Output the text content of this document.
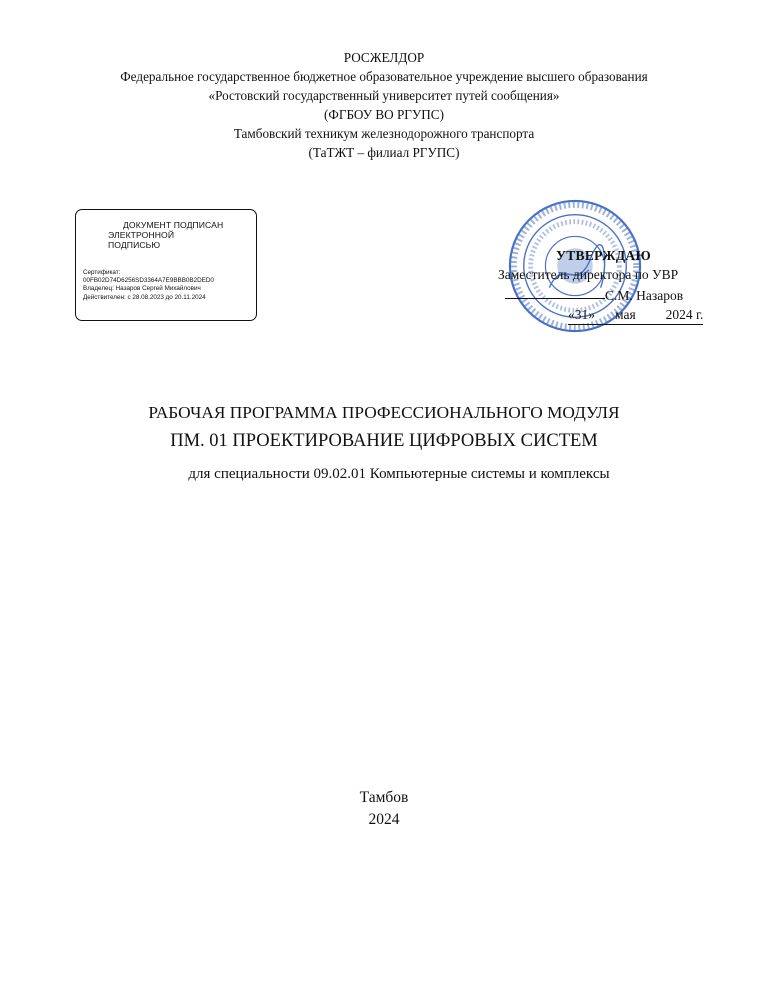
РОСЖЕЛДОР
Федеральное государственное бюджетное образовательное учреждение высшего образования
«Ростовский государственный университет путей сообщения»
(ФГБОУ ВО РГУПС)
Тамбовский техникум железнодорожного транспорта
(ТаТЖТ – филиал РГУПС)
ДОКУМЕНТ ПОДПИСАН
ЭЛЕКТРОННОЙ
ПОДПИСЬЮ
Сертификат:
00FB02D74D6256SD3364A7E9BBB0B2DED0
Владелец: Назаров Сергей Михайлович
Действителен: с 28.08.2023 до 20.11.2024
УТВЕРЖДАЮ
Заместитель директора по УВР
С.М. Назаров
«31» мая 2024 г.
РАБОЧАЯ ПРОГРАММА ПРОФЕССИОНАЛЬНОГО МОДУЛЯ
ПМ. 01 ПРОЕКТИРОВАНИЕ ЦИФРОВЫХ СИСТЕМ
для специальности 09.02.01 Компьютерные системы и комплексы
Тамбов
2024
